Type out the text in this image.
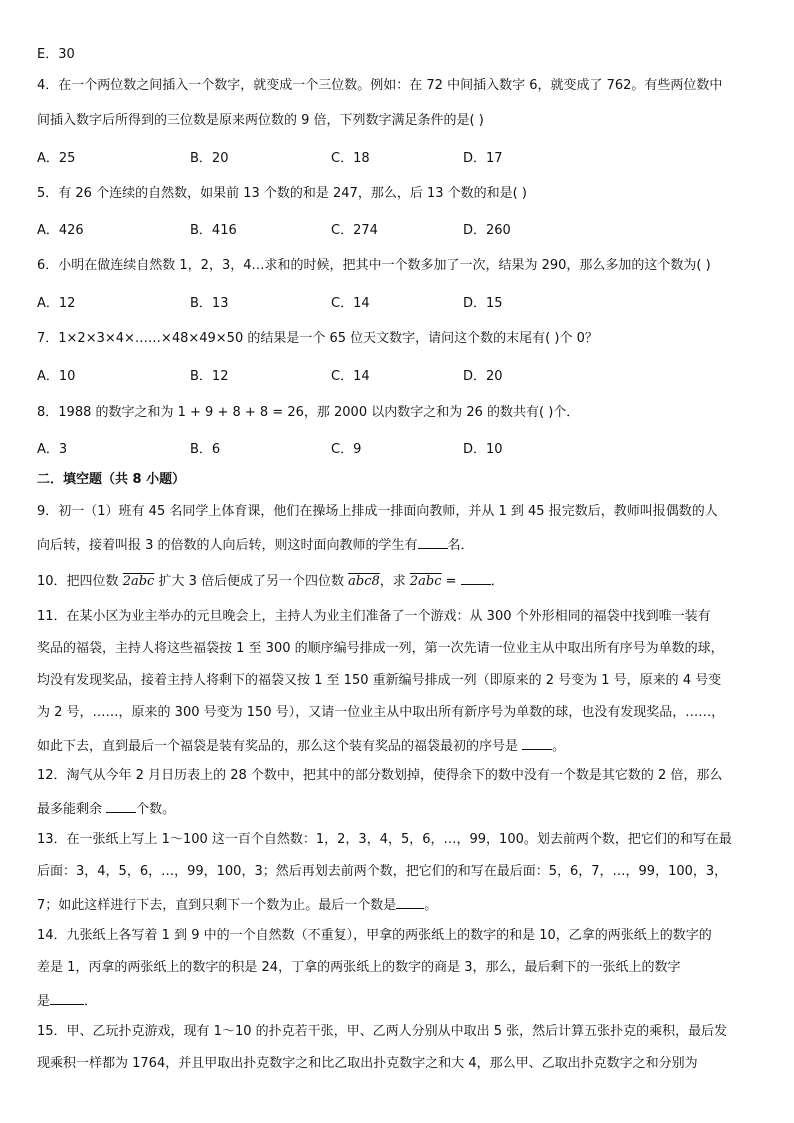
E．30
4．在一个两位数之间插入一个数字，就变成一个三位数。例如：在 72 中间插入数字 6，就变成了 762。有些两位数中
间插入数字后所得到的三位数是原来两位数的 9 倍，下列数字满足条件的是( )
A．25	B．20	C．18	D．17
5．有 26 个连续的自然数，如果前 13 个数的和是 247，那么，后 13 个数的和是( )
A．426	B．416	C．274	D．260
6．小明在做连续自然数 1，2，3，4…求和的时候，把其中一个数多加了一次，结果为 290，那么多加的这个数为( )
A．12	B．13	C．14	D．15
7．1×2×3×4×……×48×49×50 的结果是一个 65 位天文数字，请问这个数的末尾有( )个 0？
A．10	B．12	C．14	D．20
8．1988 的数字之和为 1 + 9 + 8 + 8 = 26，那 2000 以内数字之和为 26 的数共有( )个．
A．3	B．6	C．9	D．10
二．填空题（共 8 小题）
9．初一（1）班有 45 名同学上体育课，他们在操场上排成一排面向教师，并从 1 到 45 报完数后，教师叫报偶数的人
向后转，接着叫报 3 的倍数的人向后转，则这时面向教师的学生有 名．
10．把四位数 2abc 扩大 3 倍后便成了另一个四位数 abc8，求 2abc = ．
11．在某小区为业主举办的元旦晚会上，主持人为业主们准备了一个游戏：从 300 个外形相同的福袋中找到唯一装有
奖品的福袋，主持人将这些福袋按 1 至 300 的顺序编号排成一列，第一次先请一位业主从中取出所有序号为单数的球，
均没有发现奖品，接着主持人将剩下的福袋又按 1 至 150 重新编号排成一列（即原来的 2 号变为 1 号，原来的 4 号变
为 2 号，……，原来的 300 号变为 150 号），又请一位业主从中取出所有新序号为单数的球，也没有发现奖品，……，
如此下去，直到最后一个福袋是装有奖品的，那么这个装有奖品的福袋最初的序号是 。
12．淘气从今年 2 月日历表上的 28 个数中，把其中的部分数划掉，使得余下的数中没有一个数是其它数的 2 倍，那么
最多能剩余 个数。
13．在一张纸上写上 1～100 这一百个自然数：1，2，3，4，5，6，…，99，100。划去前两个数，把它们的和写在最
后面：3，4，5，6，…，99，100，3；然后再划去前两个数，把它们的和写在最后面：5，6，7，…，99，100，3，
7；如此这样进行下去，直到只剩下一个数为止。最后一个数是 。
14．九张纸上各写着 1 到 9 中的一个自然数（不重复），甲拿的两张纸上的数字的和是 10，乙拿的两张纸上的数字的
差是 1，丙拿的两张纸上的数字的积是 24，丁拿的两张纸上的数字的商是 3，那么，最后剩下的一张纸上的数字
是	．
15．甲、乙玩扑克游戏，现有 1～10 的扑克若干张，甲、乙两人分别从中取出 5 张，然后计算五张扑克的乘积，最后发
现乘积一样都为 1764，并且甲取出扑克数字之和比乙取出扑克数字之和大 4，那么甲、乙取出扑克数字之和分别为
